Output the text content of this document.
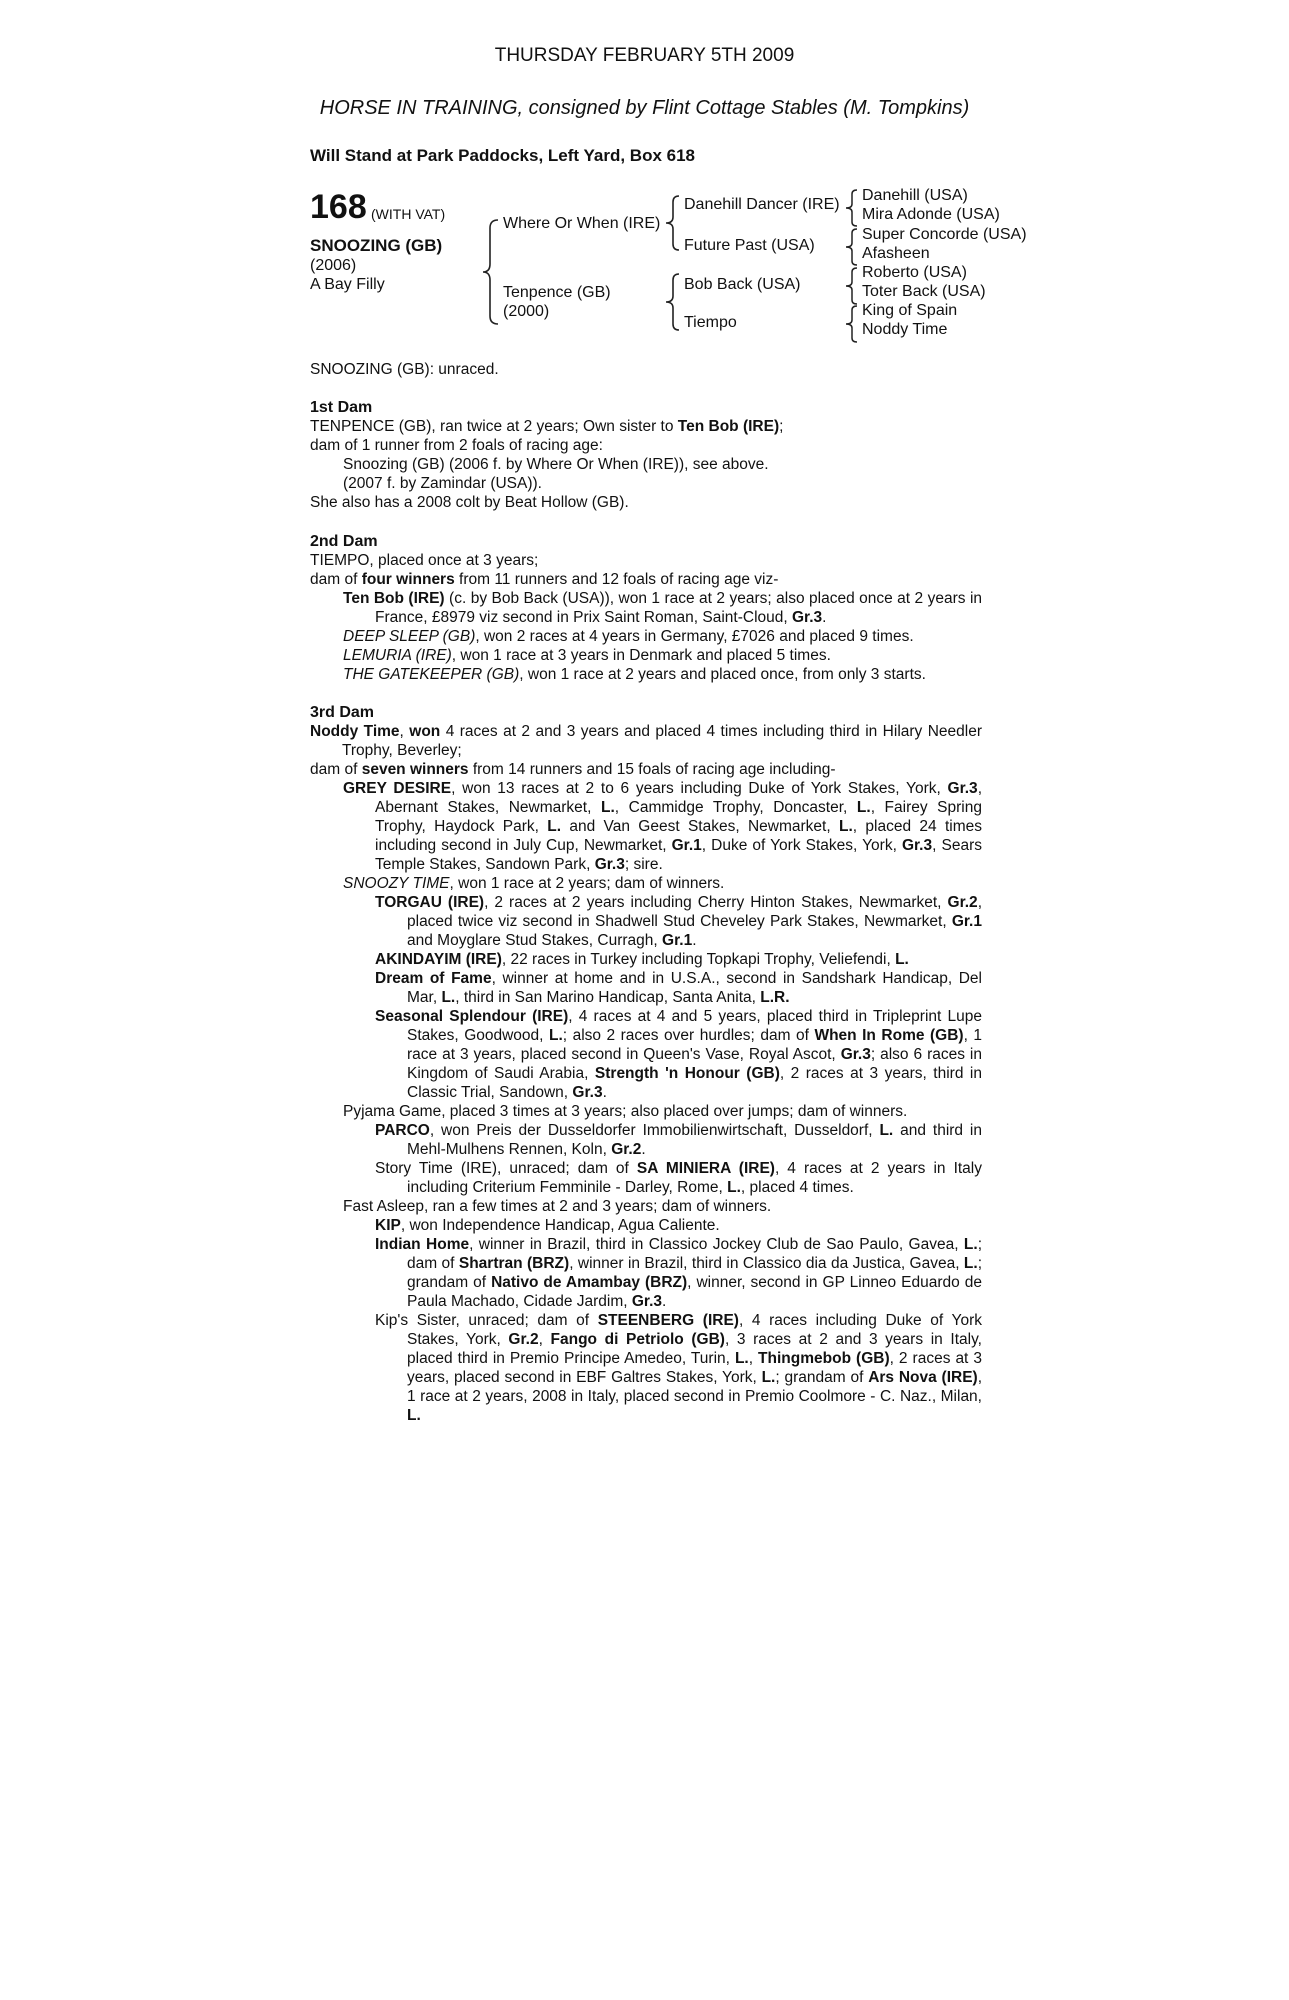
THURSDAY FEBRUARY 5TH 2009
HORSE IN TRAINING, consigned by Flint Cottage Stables (M. Tompkins)
Will Stand at Park Paddocks, Left Yard, Box 618
168 (WITH VAT)
SNOOZING (GB)
(2006)
A Bay Filly
Where Or When (IRE)
Tenpence (GB)
(2000)
Danehill Dancer (IRE)
Future Past (USA)
Bob Back (USA)
Tiempo
Danehill (USA)
Mira Adonde (USA)
Super Concorde (USA)
Afasheen
Roberto (USA)
Toter Back (USA)
King of Spain
Noddy Time
SNOOZING (GB): unraced.

1st Dam

TENPENCE (GB), ran twice at 2 years; Own sister to Ten Bob (IRE);

dam of 1 runner from 2 foals of racing age:

Snoozing (GB) (2006 f. by Where Or When (IRE)), see above.

(2007 f. by Zamindar (USA)).

She also has a 2008 colt by Beat Hollow (GB).

2nd Dam

TIEMPO, placed once at 3 years;

dam of four winners from 11 runners and 12 foals of racing age viz-

Ten Bob (IRE) (c. by Bob Back (USA)), won 1 race at 2 years; also placed once at 2 years in France, £8979 viz second in Prix Saint Roman, Saint-Cloud, Gr.3.

DEEP SLEEP (GB), won 2 races at 4 years in Germany, £7026 and placed 9 times.

LEMURIA (IRE), won 1 race at 3 years in Denmark and placed 5 times.

THE GATEKEEPER (GB), won 1 race at 2 years and placed once, from only 3 starts.

3rd Dam

Noddy Time, won 4 races at 2 and 3 years and placed 4 times including third in Hilary Needler Trophy, Beverley;

dam of seven winners from 14 runners and 15 foals of racing age including-

GREY DESIRE, won 13 races at 2 to 6 years including Duke of York Stakes, York, Gr.3, Abernant Stakes, Newmarket, L., Cammidge Trophy, Doncaster, L., Fairey Spring Trophy, Haydock Park, L. and Van Geest Stakes, Newmarket, L., placed 24 times including second in July Cup, Newmarket, Gr.1, Duke of York Stakes, York, Gr.3, Sears Temple Stakes, Sandown Park, Gr.3; sire.

SNOOZY TIME, won 1 race at 2 years; dam of winners.

TORGAU (IRE), 2 races at 2 years including Cherry Hinton Stakes, Newmarket, Gr.2, placed twice viz second in Shadwell Stud Cheveley Park Stakes, Newmarket, Gr.1 and Moyglare Stud Stakes, Curragh, Gr.1.

AKINDAYIM (IRE), 22 races in Turkey including Topkapi Trophy, Veliefendi, L.

Dream of Fame, winner at home and in U.S.A., second in Sandshark Handicap, Del Mar, L., third in San Marino Handicap, Santa Anita, L.R.

Seasonal Splendour (IRE), 4 races at 4 and 5 years, placed third in Tripleprint Lupe Stakes, Goodwood, L.; also 2 races over hurdles; dam of When In Rome (GB), 1 race at 3 years, placed second in Queen's Vase, Royal Ascot, Gr.3; also 6 races in Kingdom of Saudi Arabia, Strength 'n Honour (GB), 2 races at 3 years, third in Classic Trial, Sandown, Gr.3.

Pyjama Game, placed 3 times at 3 years; also placed over jumps; dam of winners.

PARCO, won Preis der Dusseldorfer Immobilienwirtschaft, Dusseldorf, L. and third in Mehl-Mulhens Rennen, Koln, Gr.2.

Story Time (IRE), unraced; dam of SA MINIERA (IRE), 4 races at 2 years in Italy including Criterium Femminile - Darley, Rome, L., placed 4 times.

Fast Asleep, ran a few times at 2 and 3 years; dam of winners.

KIP, won Independence Handicap, Agua Caliente.

Indian Home, winner in Brazil, third in Classico Jockey Club de Sao Paulo, Gavea, L.; dam of Shartran (BRZ), winner in Brazil, third in Classico dia da Justica, Gavea, L.; grandam of Nativo de Amambay (BRZ), winner, second in GP Linneo Eduardo de Paula Machado, Cidade Jardim, Gr.3.

Kip's Sister, unraced; dam of STEENBERG (IRE), 4 races including Duke of York Stakes, York, Gr.2, Fango di Petriolo (GB), 3 races at 2 and 3 years in Italy, placed third in Premio Principe Amedeo, Turin, L., Thingmebob (GB), 2 races at 3 years, placed second in EBF Galtres Stakes, York, L.; grandam of Ars Nova (IRE), 1 race at 2 years, 2008 in Italy, placed second in Premio Coolmore - C. Naz., Milan, L.
